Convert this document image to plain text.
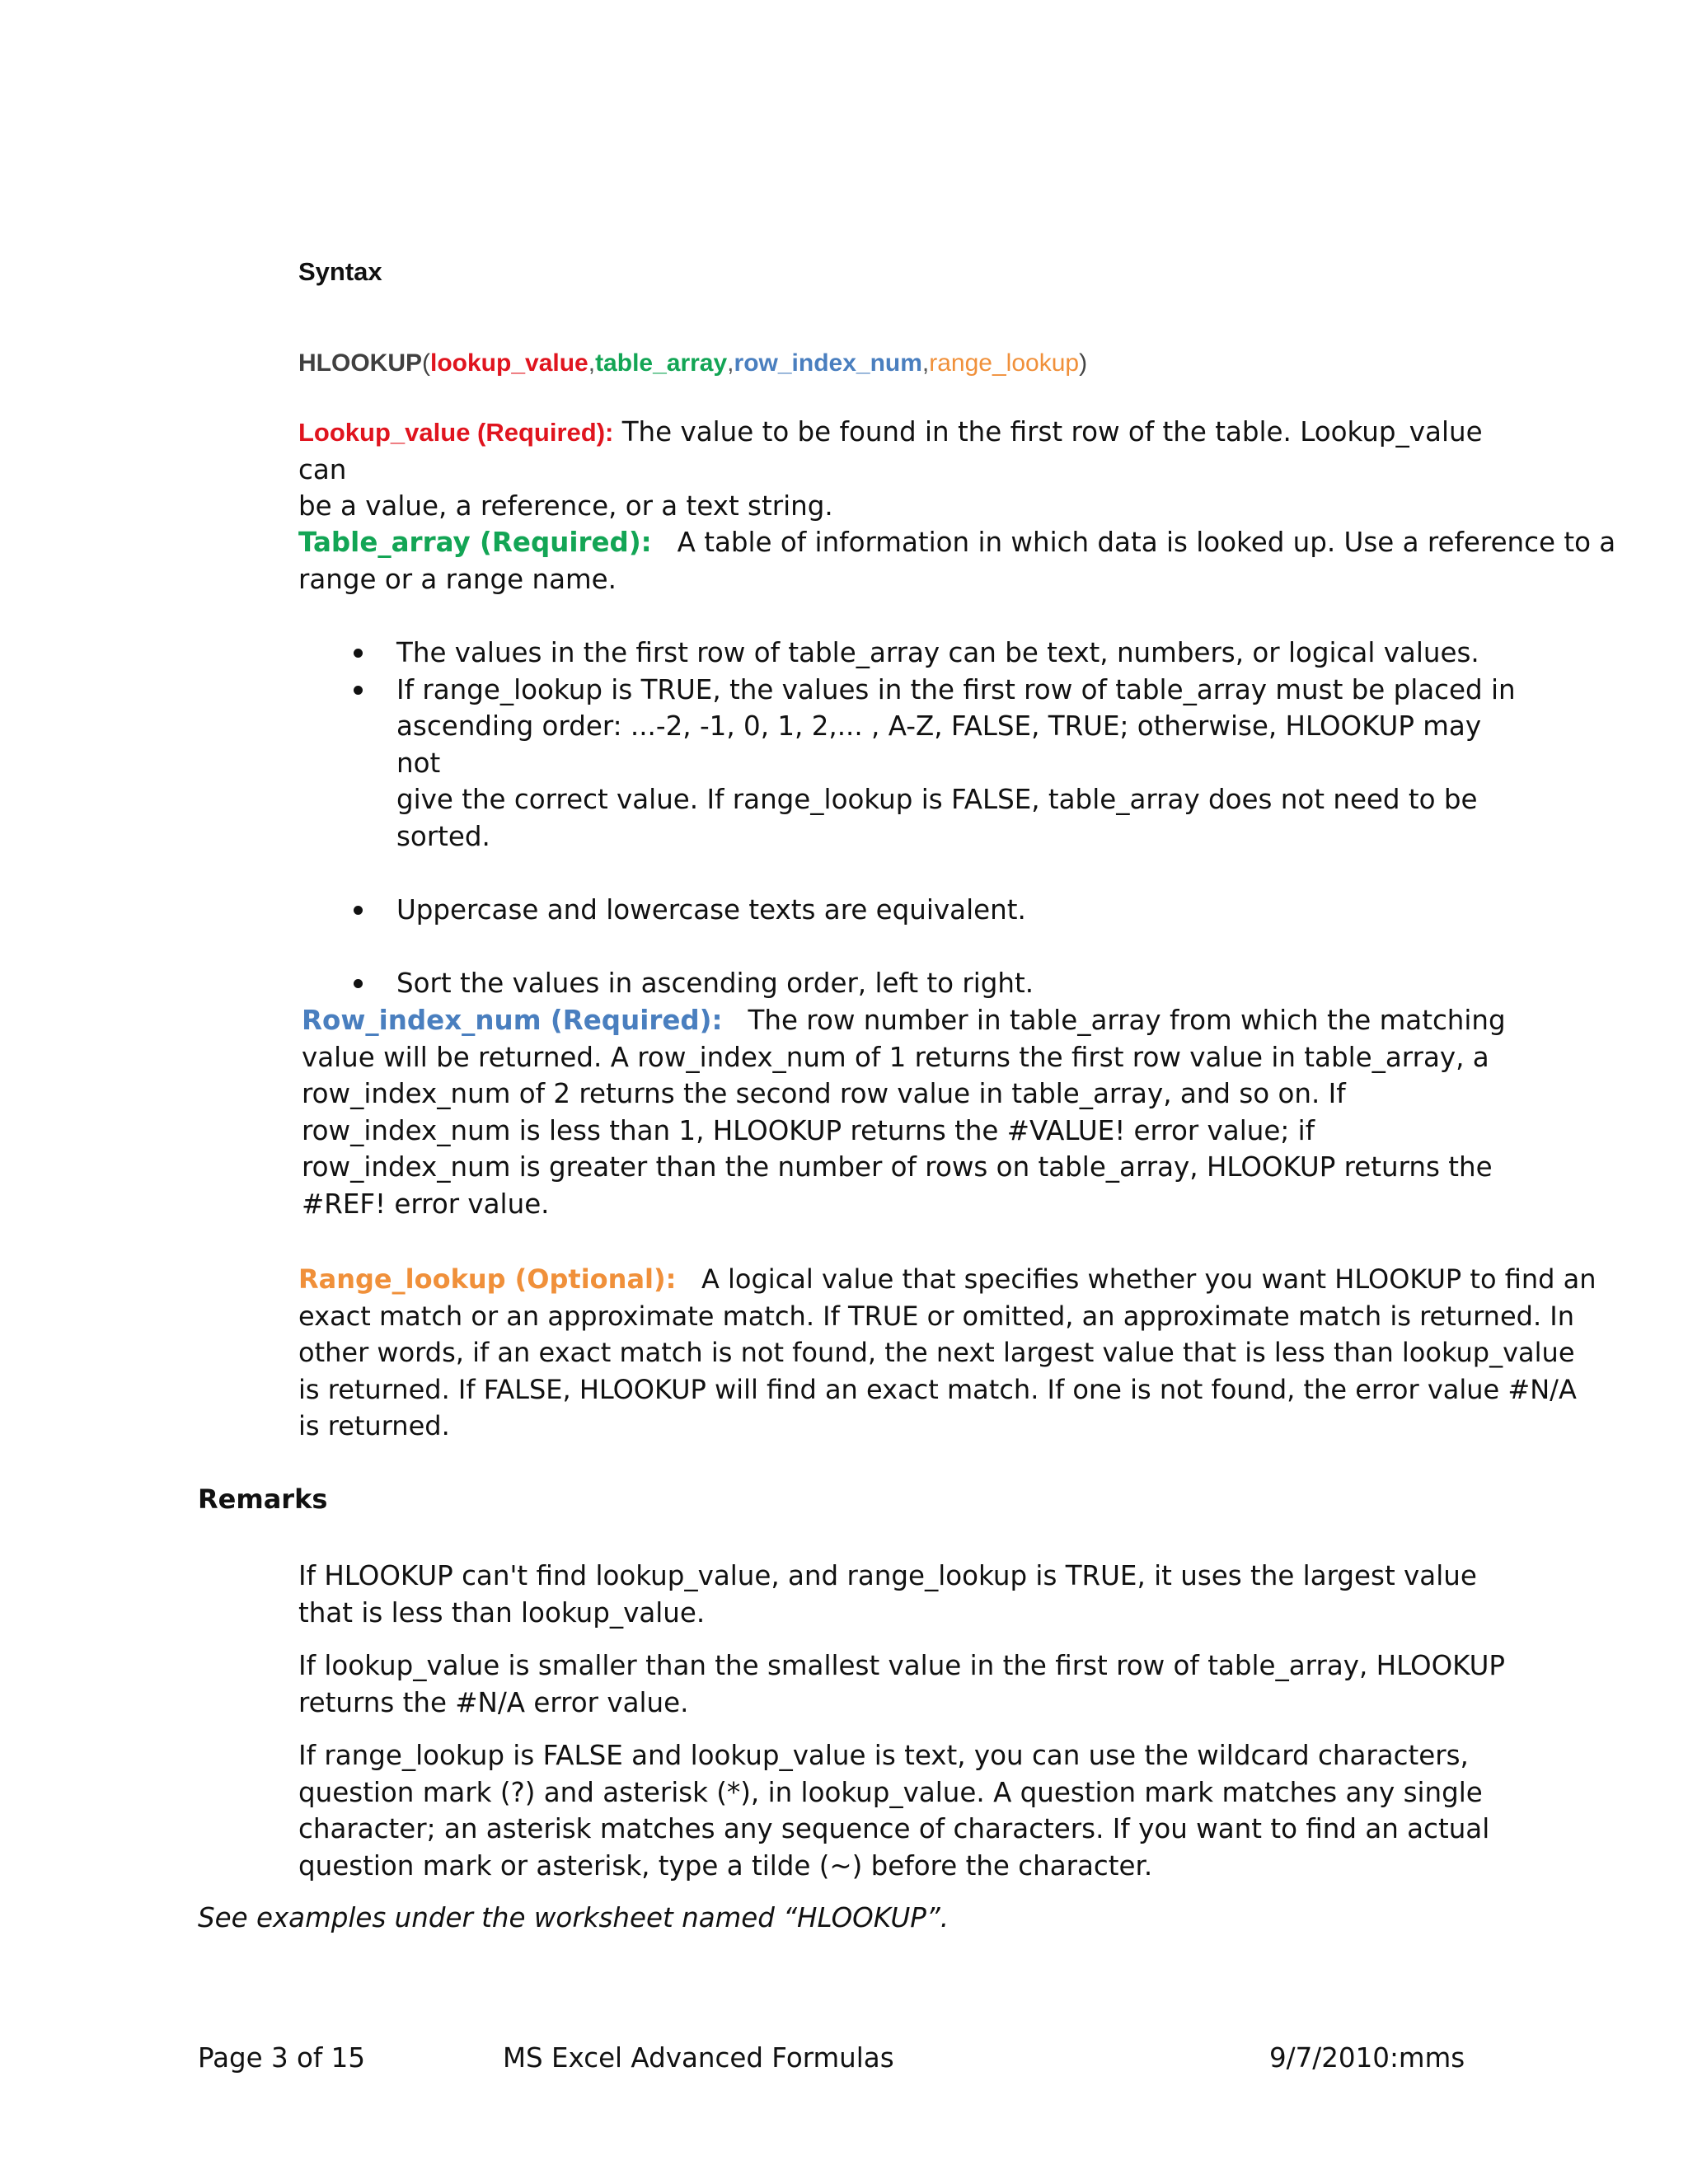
Syntax
HLOOKUP(lookup_value,table_array,row_index_num,range_lookup)
Lookup_value (Required): The value to be found in the first row of the table. Lookup_value can
be a value, a reference, or a text string.
Table_array (Required):   A table of information in which data is looked up. Use a reference to a
range or a range name.
The values in the first row of table_array can be text, numbers, or logical values.
If range_lookup is TRUE, the values in the first row of table_array must be placed in
ascending order: ...-2, -1, 0, 1, 2,... , A-Z, FALSE, TRUE; otherwise, HLOOKUP may not
give the correct value. If range_lookup is FALSE, table_array does not need to be
sorted.
Uppercase and lowercase texts are equivalent.
Sort the values in ascending order, left to right.
Row_index_num (Required):   The row number in table_array from which the matching
value will be returned. A row_index_num of 1 returns the first row value in table_array, a
row_index_num of 2 returns the second row value in table_array, and so on. If
row_index_num is less than 1, HLOOKUP returns the #VALUE! error value; if
row_index_num is greater than the number of rows on table_array, HLOOKUP returns the
#REF! error value.
Range_lookup (Optional):   A logical value that specifies whether you want HLOOKUP to find an
exact match or an approximate match. If TRUE or omitted, an approximate match is returned. In
other words, if an exact match is not found, the next largest value that is less than lookup_value
is returned. If FALSE, HLOOKUP will find an exact match. If one is not found, the error value #N/A
is returned.
Remarks
If HLOOKUP can't find lookup_value, and range_lookup is TRUE, it uses the largest value
that is less than lookup_value.
If lookup_value is smaller than the smallest value in the first row of table_array, HLOOKUP
returns the #N/A error value.
If range_lookup is FALSE and lookup_value is text, you can use the wildcard characters,
question mark (?) and asterisk (*), in lookup_value. A question mark matches any single
character; an asterisk matches any sequence of characters. If you want to find an actual
question mark or asterisk, type a tilde (~) before the character.
See examples under the worksheet named “HLOOKUP”.
Page 3 of 15	MS Excel Advanced Formulas	9/7/2010:mms
